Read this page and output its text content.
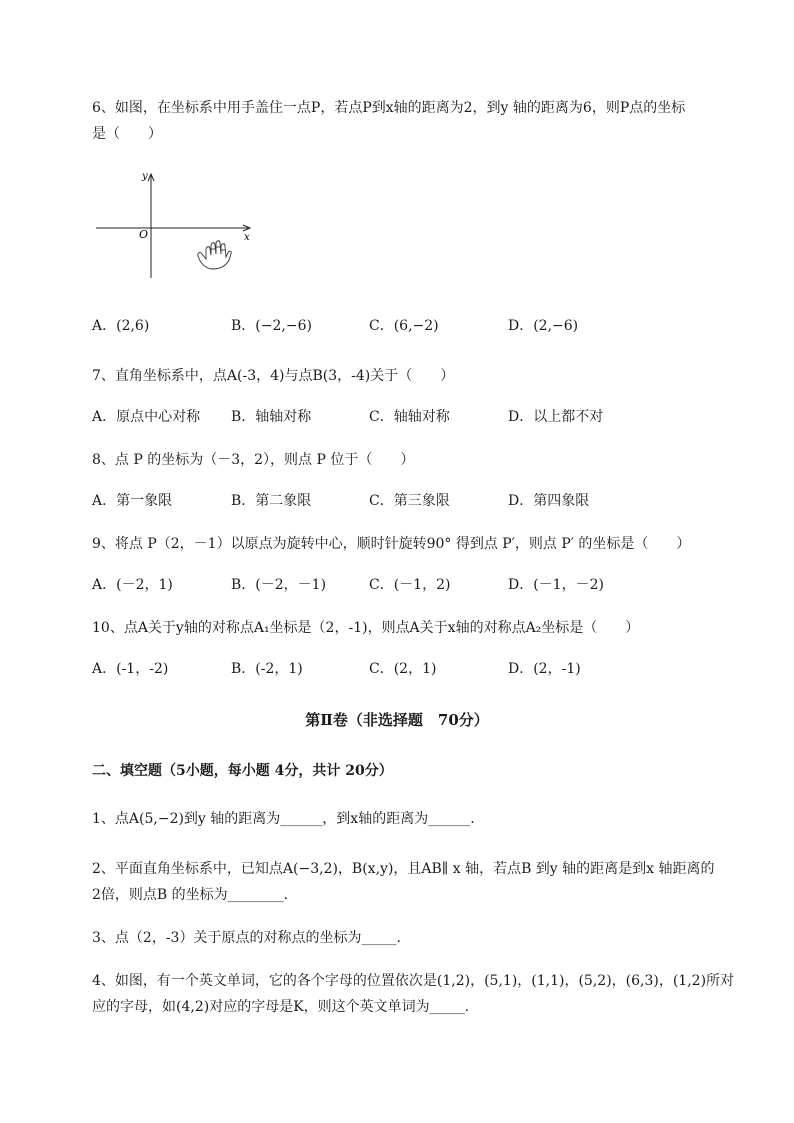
6、如图，在坐标系中用手盖住一点P，若点P到x轴的距离为2，到y 轴的距离为6，则P点的坐标
是（　　）
y
x
O
A．(2,6)	B．(−2,−6)	C．(6,−2)	D．(2,−6)
7、直角坐标系中，点A(-3，4)与点B(3，-4)关于（　　）
A．原点中心对称 B．轴轴对称	C．轴轴对称	D．以上都不对
8、点 P 的坐标为（－3，2），则点 P 位于（　　）
A．第一象限	B．第二象限	C．第三象限	D．第四象限
9、将点 P（2，－1）以原点为旋转中心，顺时针旋转90° 得到点 P′，则点 P′ 的坐标是（　　）
A．(－2，1)	B．(－2，－1)	C．(－1，2)	D．(－1，－2)
10、点A关于y轴的对称点A₁坐标是（2，-1)，则点A关于x轴的对称点A₂坐标是（　　）
A．(-1，-2)	B．(-2，1)	C．(2，1)	D．(2，-1)
第Ⅱ卷（非选择题　70分）
二、填空题（5小题，每小题 4分，共计 20分）
1、点A(5,−2)到y 轴的距离为______，到x轴的距离为______.
2、平面直角坐标系中，已知点A(−3,2)，B(x,y)，且AB∥ x 轴，若点B 到y 轴的距离是到x 轴距离的
2倍，则点B 的坐标为________.
3、点（2，-3）关于原点的对称点的坐标为_____.
4、如图，有一个英文单词，它的各个字母的位置依次是(1,2)，(5,1)，(1,1)，(5,2)，(6,3)，(1,2)所对
应的字母，如(4,2)对应的字母是K，则这个英文单词为_____.
